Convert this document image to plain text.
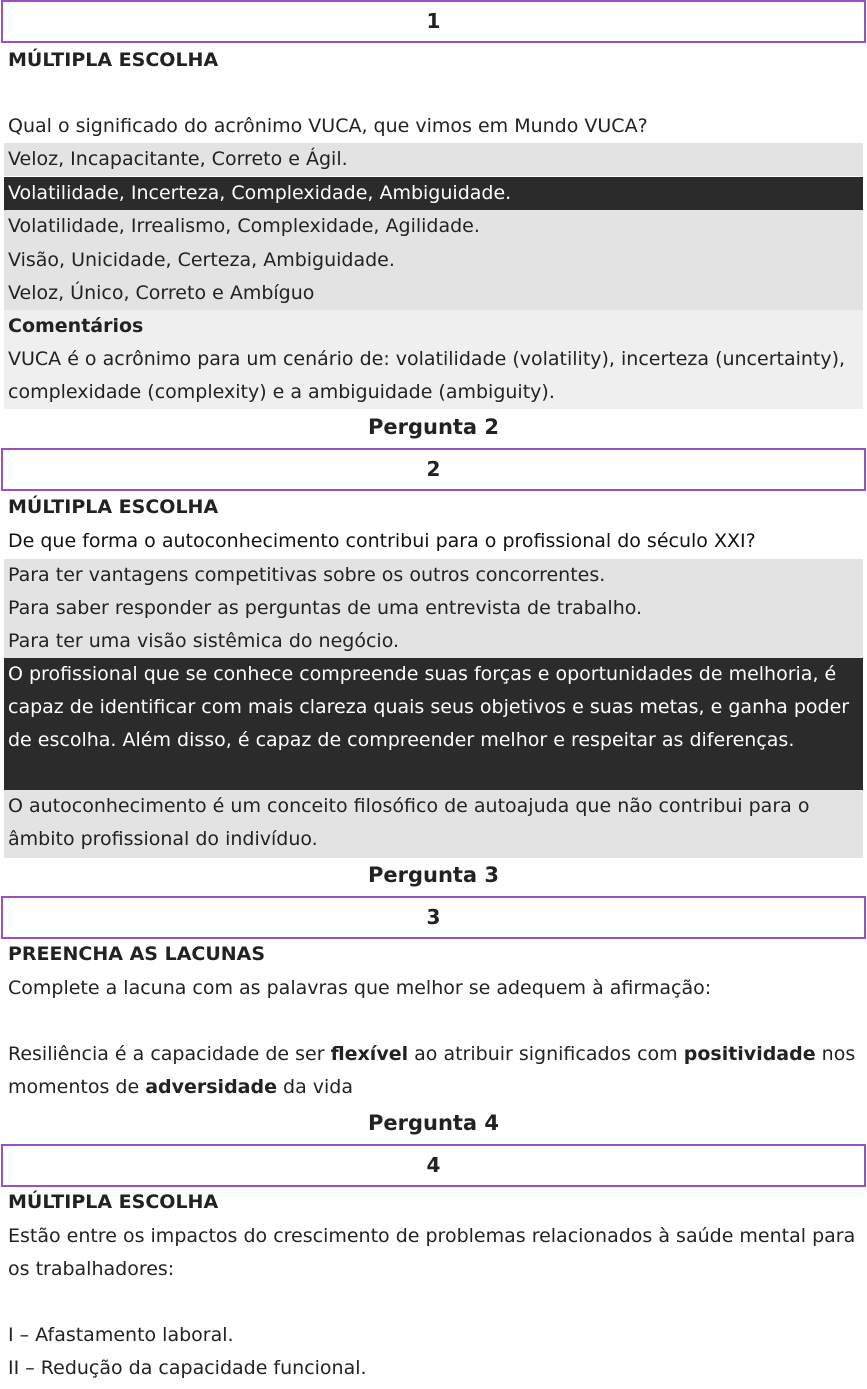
1
MÚLTIPLA ESCOLHA
Qual o significado do acrônimo VUCA, que vimos em Mundo VUCA?
Veloz, Incapacitante, Correto e Ágil.
Volatilidade, Incerteza, Complexidade, Ambiguidade.
Volatilidade, Irrealismo, Complexidade, Agilidade.
Visão, Unicidade, Certeza, Ambiguidade.
Veloz, Único, Correto e Ambíguo
Comentários
VUCA é o acrônimo para um cenário de: volatilidade (volatility), incerteza (uncertainty), complexidade (complexity) e a ambiguidade (ambiguity).
Pergunta 2
2
MÚLTIPLA ESCOLHA
De que forma o autoconhecimento contribui para o profissional do século XXI?
Para ter vantagens competitivas sobre os outros concorrentes.
Para saber responder as perguntas de uma entrevista de trabalho.
Para ter uma visão sistêmica do negócio.
O profissional que se conhece compreende suas forças e oportunidades de melhoria, é capaz de identificar com mais clareza quais seus objetivos e suas metas, e ganha poder de escolha. Além disso, é capaz de compreender melhor e respeitar as diferenças.
O autoconhecimento é um conceito filosófico de autoajuda que não contribui para o âmbito profissional do indivíduo.
Pergunta 3
3
PREENCHA AS LACUNAS
Complete a lacuna com as palavras que melhor se adequem à afirmação:
Resiliência é a capacidade de ser flexível ao atribuir significados com positividade nos momentos de adversidade da vida
Pergunta 4
4
MÚLTIPLA ESCOLHA
Estão entre os impactos do crescimento de problemas relacionados à saúde mental para os trabalhadores:
I – Afastamento laboral.
II – Redução da capacidade funcional.
